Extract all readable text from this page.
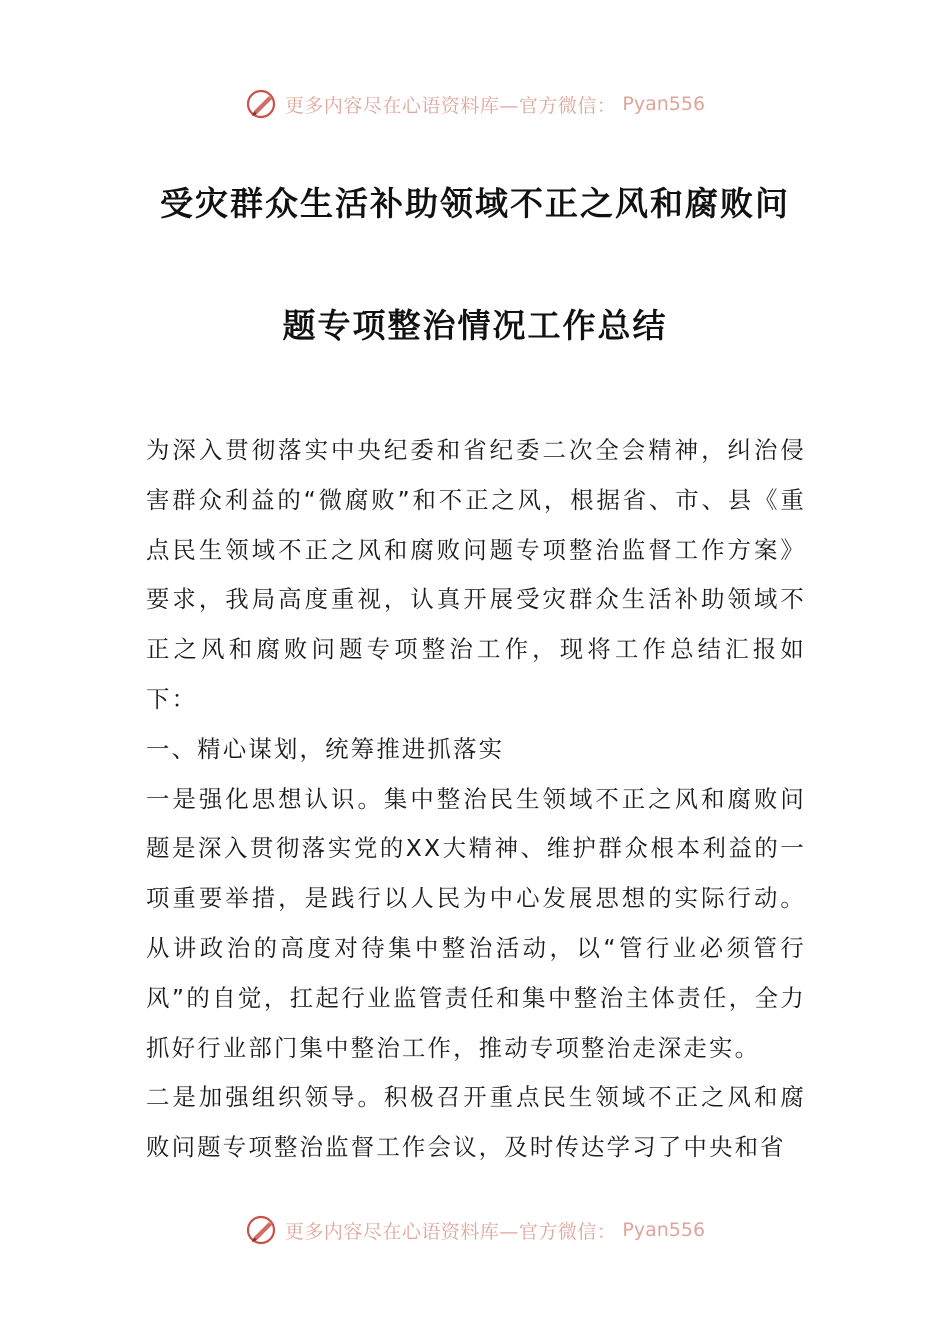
更多内容尽在心语资料库—官方微信： Pyan556
受灾群众生活补助领域不正之风和腐败问
题专项整治情况工作总结

为深入贯彻落实中央纪委和省纪委二次全会精神，纠治侵害群众利益的“微腐败”和不正之风，根据省、市、县《重点民生领域不正之风和腐败问题专项整治监督工作方案》要求，我局高度重视，认真开展受灾群众生活补助领域不正之风和腐败问题专项整治工作，现将工作总结汇报如下：

一、精心谋划，统筹推进抓落实

一是强化思想认识。集中整治民生领域不正之风和腐败问题是深入贯彻落实党的XX大精神、维护群众根本利益的一项重要举措，是践行以人民为中心发展思想的实际行动。从讲政治的高度对待集中整治活动，以“管行业必须管行风”的自觉，扛起行业监管责任和集中整治主体责任，全力抓好行业部门集中整治工作，推动专项整治走深走实。

二是加强组织领导。积极召开重点民生领域不正之风和腐败问题专项整治监督工作会议，及时传达学习了中央和省

更多内容尽在心语资料库—官方微信： Pyan556
